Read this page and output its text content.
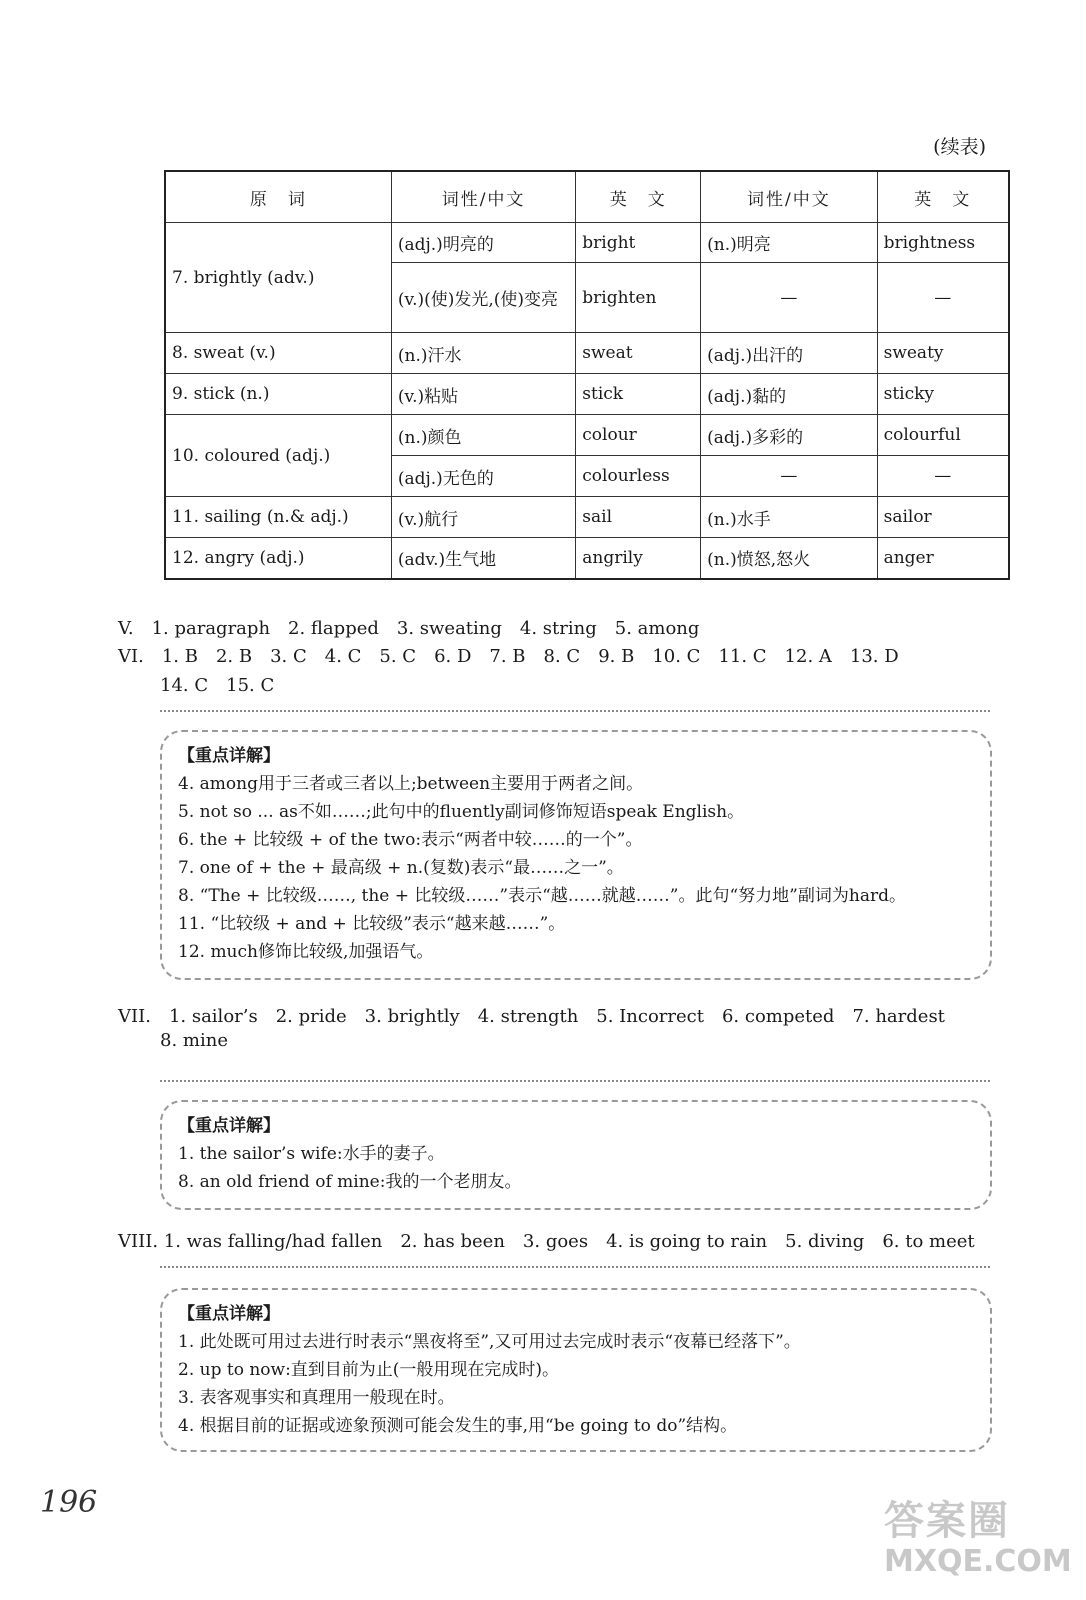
(续表)
原　词	词性/中文	英　文	词性/中文	英　文
7. brightly (adv.)	(adj.)明亮的	bright	(n.)明亮	brightness
	(v.)(使)发光,(使)变亮	brighten	—	—
8. sweat (v.)	(n.)汗水	sweat	(adj.)出汗的	sweaty
9. stick (n.)	(v.)粘贴	stick	(adj.)黏的	sticky
10. coloured (adj.)	(n.)颜色	colour	(adj.)多彩的	colourful
	(adj.)无色的	colourless	—	—
11. sailing (n.& adj.)	(v.)航行	sail	(n.)水手	sailor
12. angry (adj.)	(adv.)生气地	angrily	(n.)愤怒,怒火	anger
V.　1. paragraph　2. flapped　3. sweating　4. string　5. among
VI.　1. B　2. B　3. C　4. C　5. C　6. D　7. B　8. C　9. B　10. C　11. C　12. A　13. D
14. C　15. C
【重点详解】
4. among用于三者或三者以上;between主要用于两者之间。
5. not so ... as不如……;此句中的fluently副词修饰短语speak English。
6. the + 比较级 + of the two:表示“两者中较……的一个”。
7. one of + the + 最高级 + n.(复数)表示“最……之一”。
8. “The + 比较级……, the + 比较级……”表示“越……就越……”。此句“努力地”副词为hard。
11. “比较级 + and + 比较级”表示“越来越……”。
12. much修饰比较级,加强语气。
VII.　1. sailor’s　2. pride　3. brightly　4. strength　5. Incorrect　6. competed　7. hardest
8. mine
【重点详解】
1. the sailor’s wife:水手的妻子。
8. an old friend of mine:我的一个老朋友。
VIII. 1. was falling/had fallen　2. has been　3. goes　4. is going to rain　5. diving　6. to meet
【重点详解】
1. 此处既可用过去进行时表示“黑夜将至”,又可用过去完成时表示“夜幕已经落下”。
2. up to now:直到目前为止(一般用现在完成时)。
3. 表客观事实和真理用一般现在时。
4. 根据目前的证据或迹象预测可能会发生的事,用“be going to do”结构。
196	答案圈
MXQE.COM
